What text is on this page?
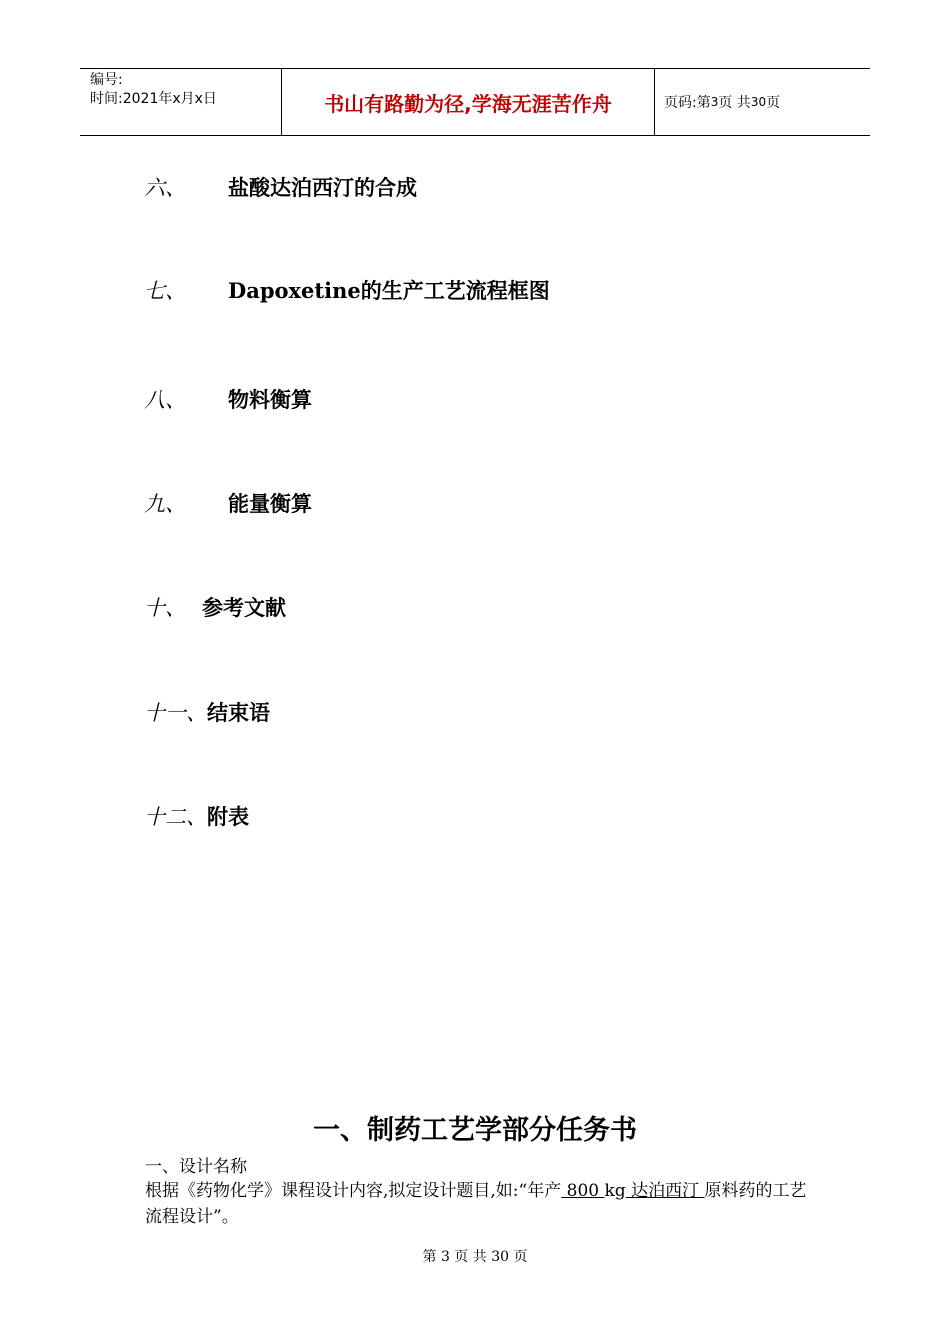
编号:
时间:2021年x月x日	书山有路勤为径,学海无涯苦作舟	页码:第 3 页 共 30 页
六、 盐酸达泊西汀的合成
七、 Dapoxetine的生产工艺流程框图
八、 物料衡算
九、 能量衡算
十、 参考文献
十一、结束语
十二、附表
一、制药工艺学部分任务书
一、设计名称
根据《药物化学》课程设计内容,拟定设计题目,如:“年产 800 kg 达泊西汀 原料药的工艺流程设计”。
第 3 页 共 30 页
